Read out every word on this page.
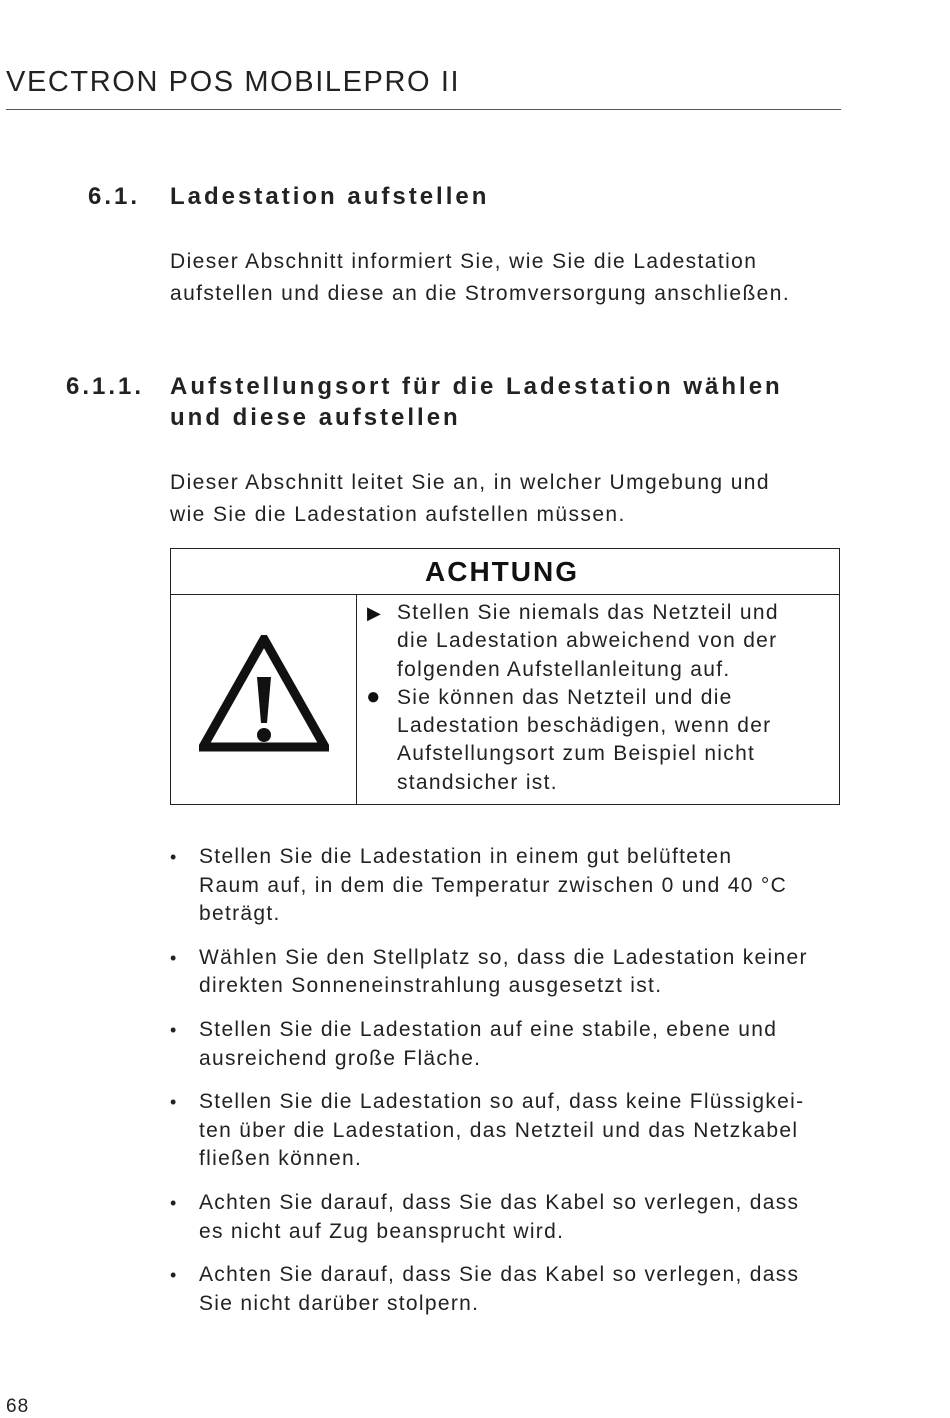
VECTRON POS MOBILEPRO II
6.1. Ladestation aufstellen
Dieser Abschnitt informiert Sie, wie Sie die Ladestation
aufstellen und diese an die Stromversorgung anschließen.
6.1.1. Aufstellungsort für die Ladestation wählen
und diese aufstellen
Dieser Abschnitt leitet Sie an, in welcher Umgebung und
wie Sie die Ladestation aufstellen müssen.
ACHTUNG
▶ Stellen Sie niemals das Netzteil und
die Ladestation abweichend von der
folgenden Aufstellanleitung auf.
● Sie können das Netzteil und die
Ladestation beschädigen, wenn der
Aufstellungsort zum Beispiel nicht
standsicher ist.
• Stellen Sie die Ladestation in einem gut belüfteten
Raum auf, in dem die Temperatur zwischen 0 und 40 °C
beträgt.
• Wählen Sie den Stellplatz so, dass die Ladestation keiner
direkten Sonneneinstrahlung ausgesetzt ist.
• Stellen Sie die Ladestation auf eine stabile, ebene und
ausreichend große Fläche.
• Stellen Sie die Ladestation so auf, dass keine Flüssigkei-
ten über die Ladestation, das Netzteil und das Netzkabel
fließen können.
• Achten Sie darauf, dass Sie das Kabel so verlegen, dass
es nicht auf Zug beansprucht wird.
• Achten Sie darauf, dass Sie das Kabel so verlegen, dass
Sie nicht darüber stolpern.
68
